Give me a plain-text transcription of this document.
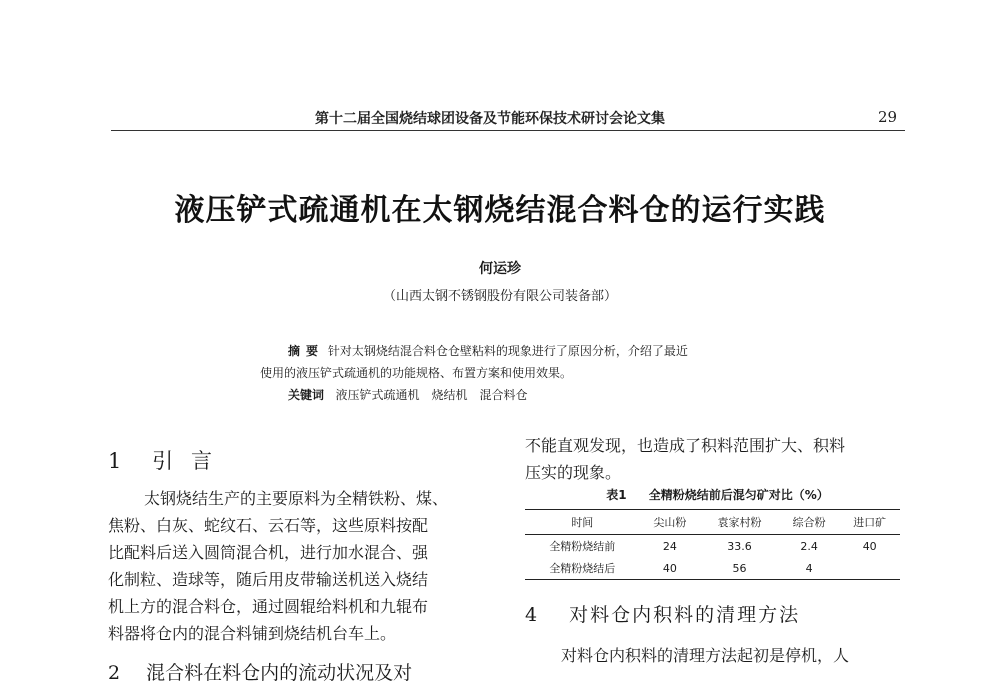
第十二届全国烧结球团设备及节能环保技术研讨会论文集	29
液压铲式疏通机在太钢烧结混合料仓的运行实践
何运珍
（山西太钢不锈钢股份有限公司装备部）
摘要 针对太钢烧结混合料仓仓壁粘料的现象进行了原因分析，介绍了最近
使用的液压铲式疏通机的功能规格、布置方案和使用效果。
关键词 液压铲式疏通机　烧结机　混合料仓
1 引言
太钢烧结生产的主要原料为全精铁粉、煤、
焦粉、白灰、蛇纹石、云石等，这些原料按配
比配料后送入圆筒混合机，进行加水混合、强
化制粒、造球等，随后用皮带输送机送入烧结
机上方的混合料仓，通过圆辊给料机和九辊布
料器将仓内的混合料铺到烧结机台车上。
2 混合料在料仓内的流动状况及对
不能直观发现，也造成了积料范围扩大、积料
压实的现象。
表1 全精粉烧结前后混匀矿对比（%）
时间	尖山粉	袁家村粉	综合粉	进口矿
全精粉烧结前	24	33.6	2.4	40
全精粉烧结后	40	56	4	
4 对料仓内积料的清理方法
对料仓内积料的清理方法起初是停机，人
